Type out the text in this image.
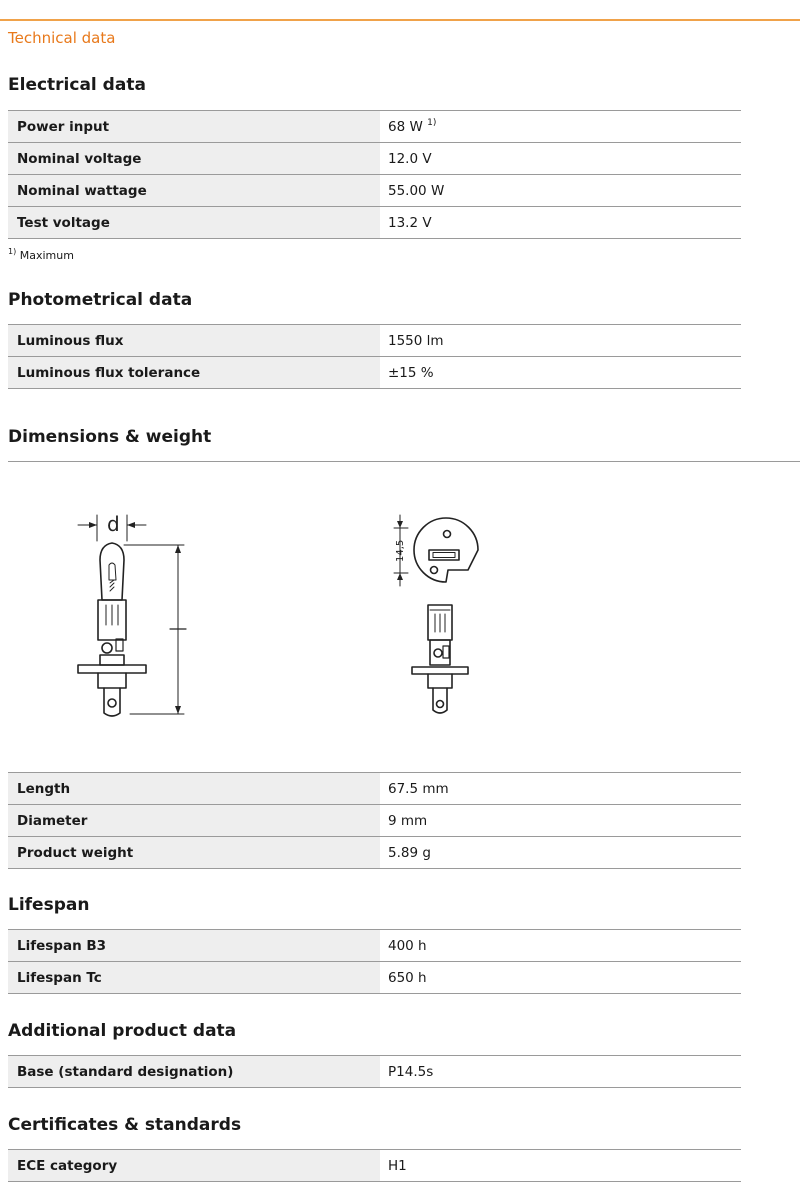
Technical data
Electrical data
Power input	68 W $^{1)}$
Nominal voltage	12.0 V
Nominal wattage	55.00 W
Test voltage	13.2 V
$^{1)}$ Maximum
Photometrical data
Luminous flux	1550 lm
Luminous flux tolerance	±15 %
Dimensions & weight
d
14,5
Length	67.5 mm
Diameter	9 mm
Product weight	5.89 g
Lifespan
Lifespan B3	400 h
Lifespan Tc	650 h
Additional product data
Base (standard designation)	P14.5s
Certificates & standards
ECE category	H1
